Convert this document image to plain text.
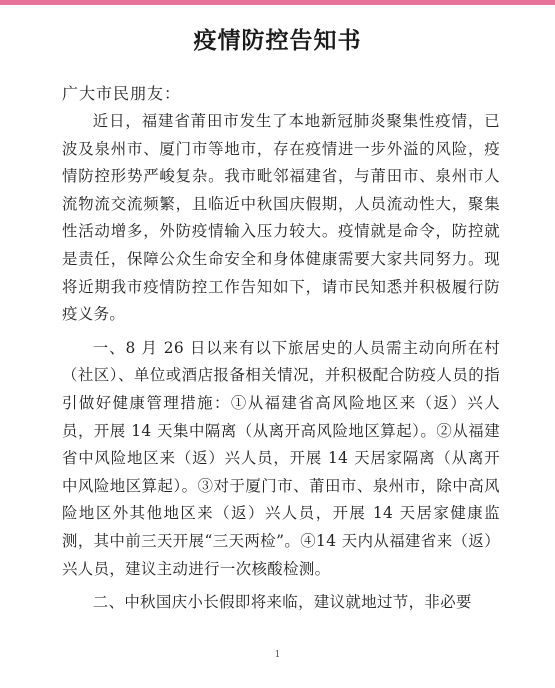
疫情防控告知书
广大市民朋友：

近日，福建省莆田市发生了本地新冠肺炎聚集性疫情，已波及泉州市、厦门市等地市，存在疫情进一步外溢的风险，疫情防控形势严峻复杂。我市毗邻福建省，与莆田市、泉州市人流物流交流频繁，且临近中秋国庆假期，人员流动性大，聚集性活动增多，外防疫情输入压力较大。疫情就是命令，防控就是责任，保障公众生命安全和身体健康需要大家共同努力。现将近期我市疫情防控工作告知如下，请市民知悉并积极履行防疫义务。

一、8 月 26 日以来有以下旅居史的人员需主动向所在村（社区）、单位或酒店报备相关情况，并积极配合防疫人员的指引做好健康管理措施：①从福建省高风险地区来（返）兴人员，开展 14 天集中隔离（从离开高风险地区算起）。②从福建省中风险地区来（返）兴人员，开展 14 天居家隔离（从离开中风险地区算起）。③对于厦门市、莆田市、泉州市，除中高风险地区外其他地区来（返）兴人员，开展 14 天居家健康监测，其中前三天开展“三天两检”。④14 天内从福建省来（返）兴人员，建议主动进行一次核酸检测。

二、中秋国庆小长假即将来临，建议就地过节，非必要

1
